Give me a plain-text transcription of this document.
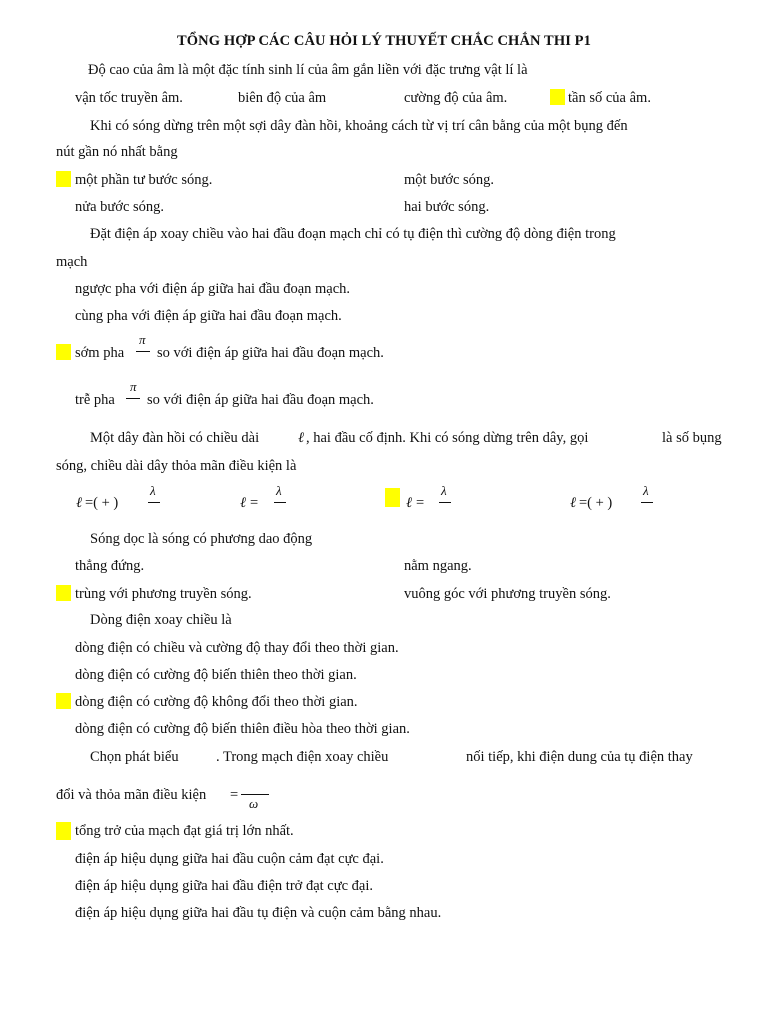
TỔNG HỢP CÁC CÂU HỎI LÝ THUYẾT CHẮC CHẮN THI P1
Độ cao của âm là một đặc tính sinh lí của âm gắn liền với đặc trưng vật lí là
vận tốc truyền âm.	biên độ của âm	cường độ của âm.	tần số của âm.
Khi có sóng dừng trên một sợi dây đàn hồi, khoảng cách từ vị trí cân bằng của một bụng đến
nút gần nó nhất bằng
một phần tư bước sóng.	một bước sóng.
nửa bước sóng.	hai bước sóng.
Đặt điện áp xoay chiều vào hai đầu đoạn mạch chỉ có tụ điện thì cường độ dòng điện trong
mạch
ngược pha với điện áp giữa hai đầu đoạn mạch.
cùng pha với điện áp giữa hai đầu đoạn mạch.
sớm pha
π
so với điện áp giữa hai đầu đoạn mạch.
trễ pha
π
so với điện áp giữa hai đầu đoạn mạch.
Một dây đàn hồi có chiều dài	ℓ , hai đầu cố định. Khi có sóng dừng trên dây, gọi	là số bụng
sóng, chiều dài dây thỏa mãn điều kiện là
ℓ =( + )
λ
ℓ =
λ
ℓ =
λ
ℓ =( + )
λ
Sóng dọc là sóng có phương dao động
thẳng đứng.	nằm ngang.
trùng với phương truyền sóng.	vuông góc với phương truyền sóng.
Dòng điện xoay chiều là
dòng điện có chiều và cường độ thay đổi theo thời gian.
dòng điện có cường độ biến thiên theo thời gian.
dòng điện có cường độ không đổi theo thời gian.
dòng điện có cường độ biến thiên điều hòa theo thời gian.
Chọn phát biểu	. Trong mạch điện xoay chiều	nối tiếp, khi điện dung của tụ điện thay
đổi và thỏa mãn điều kiện =
ω
tổng trở của mạch đạt giá trị lớn nhất.
điện áp hiệu dụng giữa hai đầu cuộn cảm đạt cực đại.
điện áp hiệu dụng giữa hai đầu điện trở đạt cực đại.
điện áp hiệu dụng giữa hai đầu tụ điện và cuộn cảm bằng nhau.
